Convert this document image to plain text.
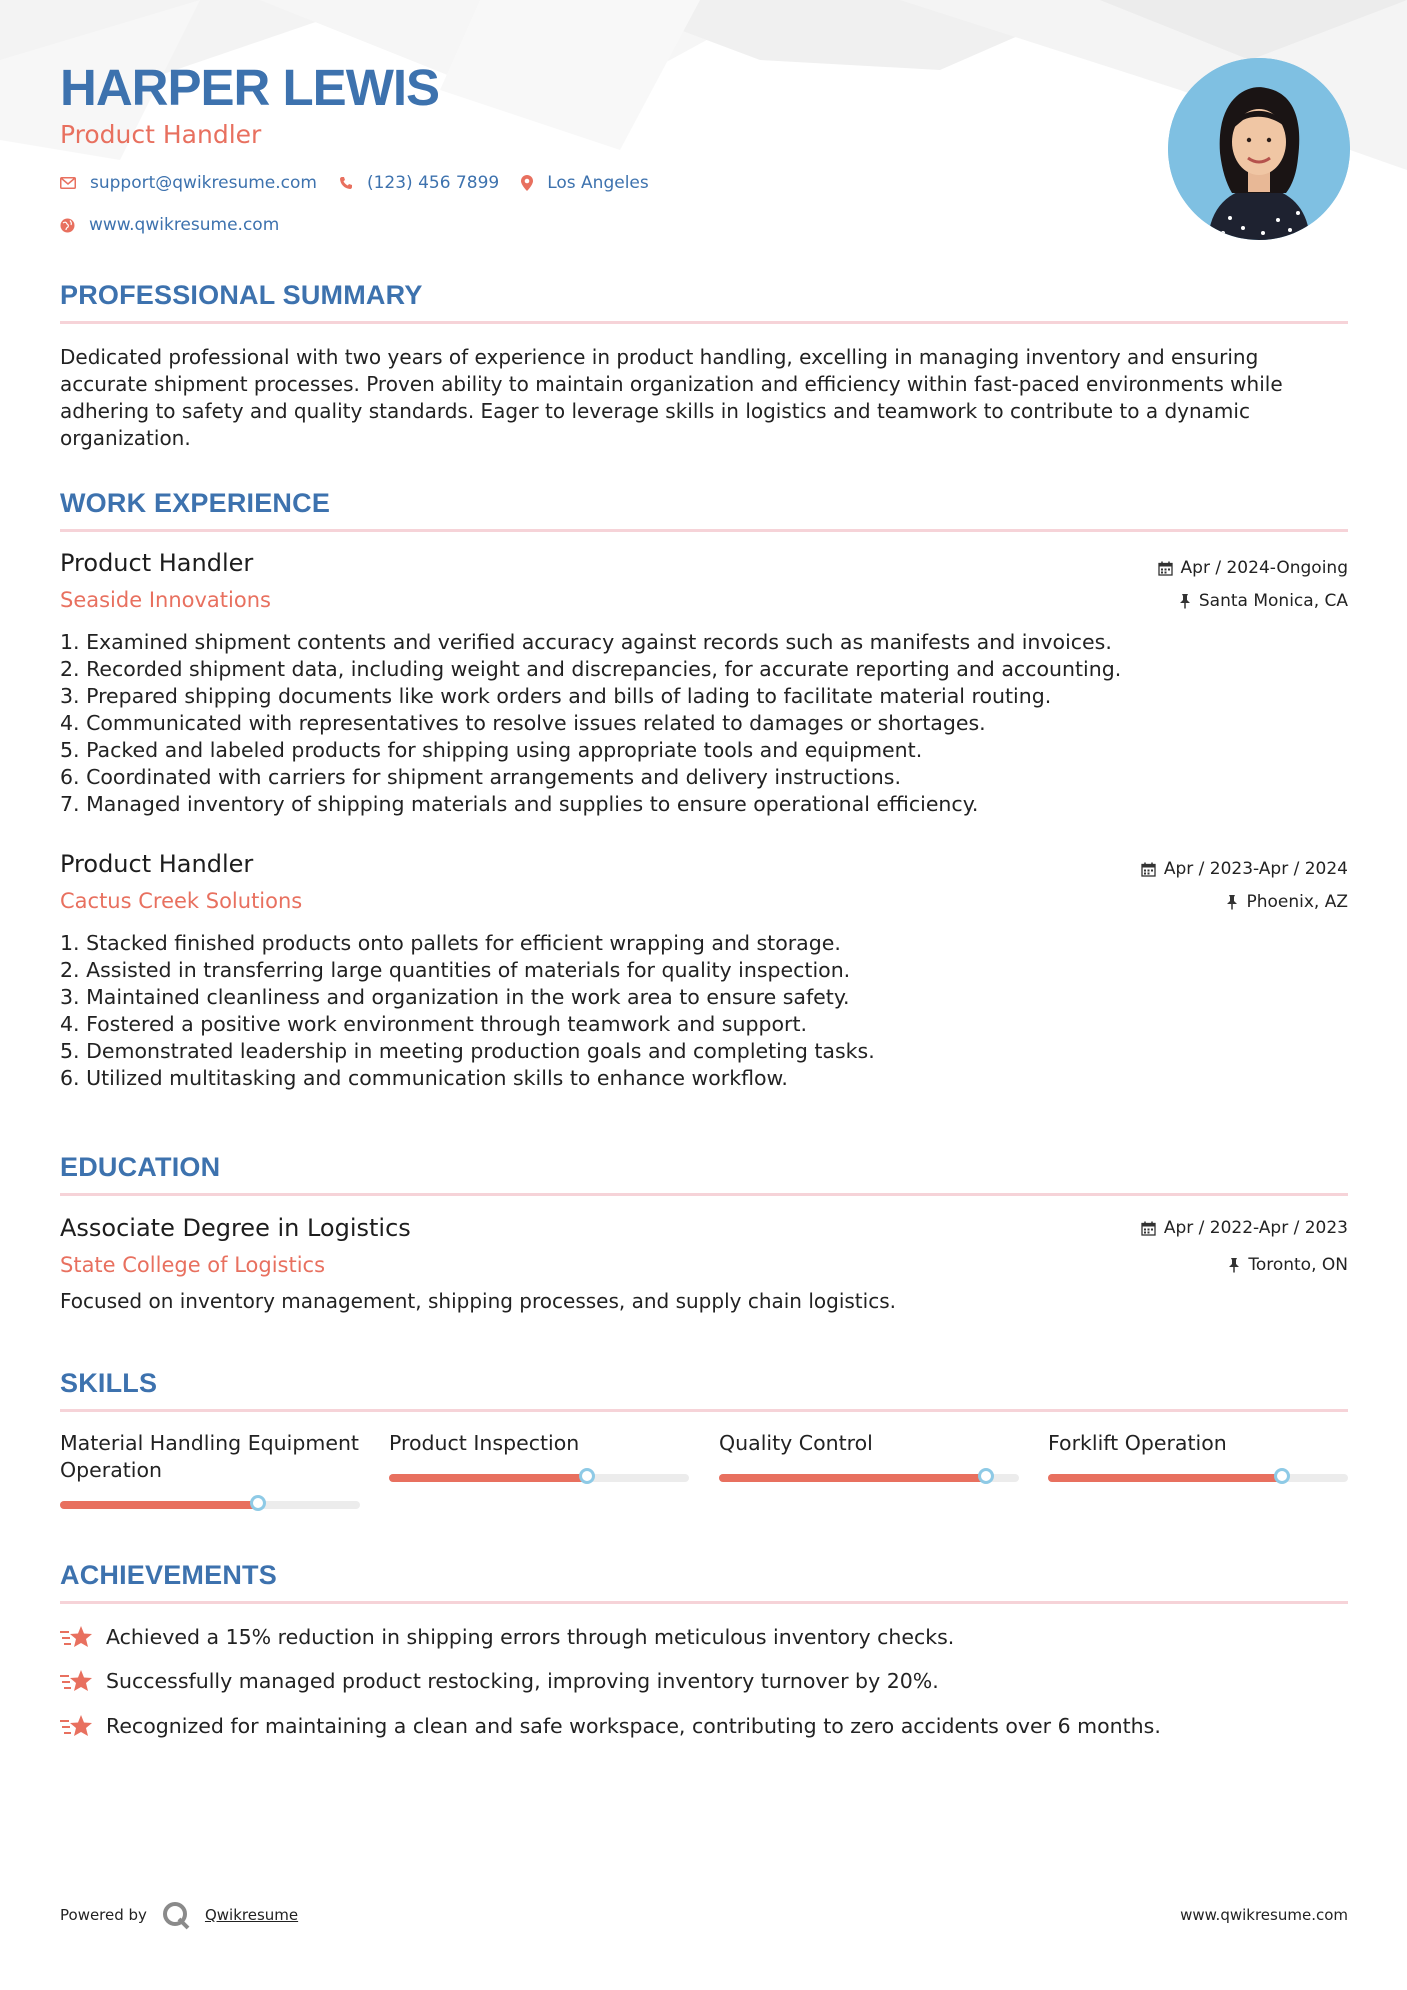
HARPER LEWIS
Product Handler
support@qwikresume.com	(123) 456 7899	Los Angeles
www.qwikresume.com
PROFESSIONAL SUMMARY
Dedicated professional with two years of experience in product handling, excelling in managing inventory and ensuring accurate shipment processes. Proven ability to maintain organization and efficiency within fast-paced environments while adhering to safety and quality standards. Eager to leverage skills in logistics and teamwork to contribute to a dynamic organization.
WORK EXPERIENCE
Product Handler	Apr / 2024-Ongoing
Seaside Innovations	Santa Monica, CA
1. Examined shipment contents and verified accuracy against records such as manifests and invoices.
2. Recorded shipment data, including weight and discrepancies, for accurate reporting and accounting.
3. Prepared shipping documents like work orders and bills of lading to facilitate material routing.
4. Communicated with representatives to resolve issues related to damages or shortages.
5. Packed and labeled products for shipping using appropriate tools and equipment.
6. Coordinated with carriers for shipment arrangements and delivery instructions.
7. Managed inventory of shipping materials and supplies to ensure operational efficiency.
Product Handler	Apr / 2023-Apr / 2024
Cactus Creek Solutions	Phoenix, AZ
1. Stacked finished products onto pallets for efficient wrapping and storage.
2. Assisted in transferring large quantities of materials for quality inspection.
3. Maintained cleanliness and organization in the work area to ensure safety.
4. Fostered a positive work environment through teamwork and support.
5. Demonstrated leadership in meeting production goals and completing tasks.
6. Utilized multitasking and communication skills to enhance workflow.
EDUCATION
Associate Degree in Logistics	Apr / 2022-Apr / 2023
State College of Logistics	Toronto, ON
Focused on inventory management, shipping processes, and supply chain logistics.
SKILLS
Material Handling Equipment Operation
Product Inspection	Quality Control	Forklift Operation
ACHIEVEMENTS
Achieved a 15% reduction in shipping errors through meticulous inventory checks.
Successfully managed product restocking, improving inventory turnover by 20%.
Recognized for maintaining a clean and safe workspace, contributing to zero accidents over 6 months.
Powered by	Qwikresume	www.qwikresume.com
